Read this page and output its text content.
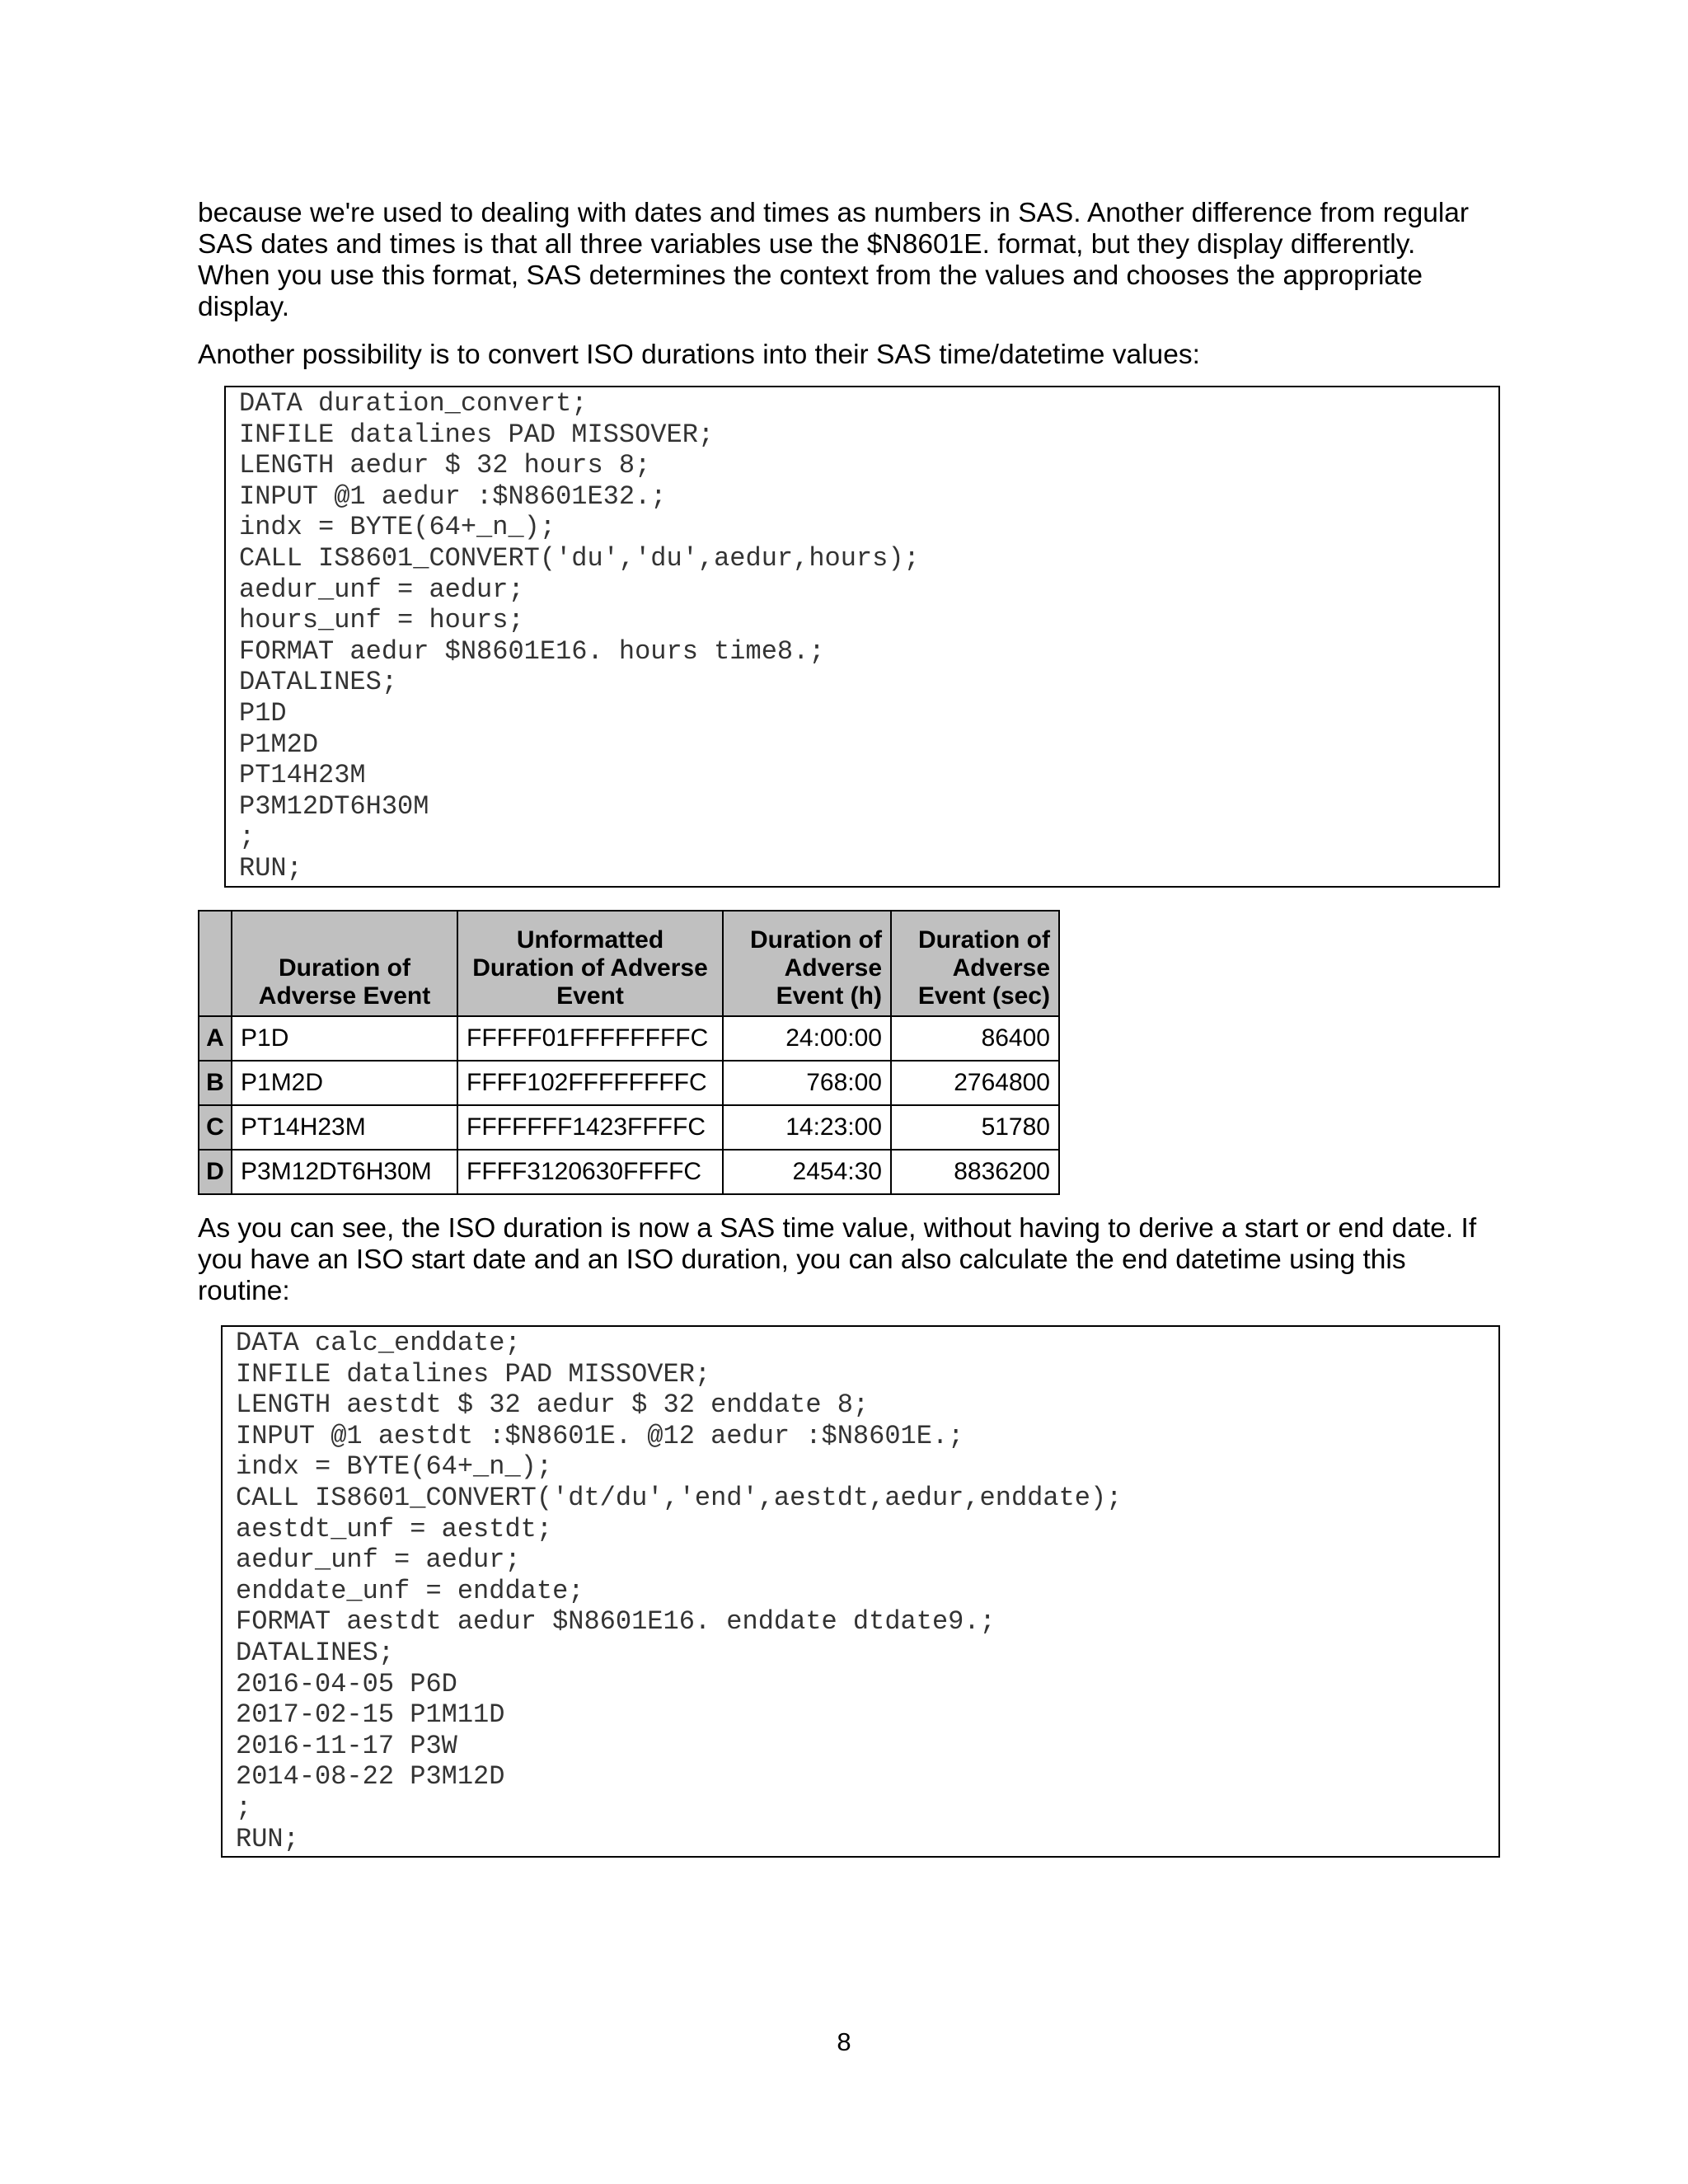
because we're used to dealing with dates and times as numbers in SAS. Another difference from regular SAS dates and times is that all three variables use the $N8601E. format, but they display differently. When you use this format, SAS determines the context from the values and chooses the appropriate display.

Another possibility is to convert ISO durations into their SAS time/datetime values:

DATA duration_convert;
INFILE datalines PAD MISSOVER;
LENGTH aedur $ 32 hours 8;
INPUT @1 aedur :$N8601E32.;
indx = BYTE(64+_n_);
CALL IS8601_CONVERT('du','du',aedur,hours);
aedur_unf = aedur;
hours_unf = hours;
FORMAT aedur $N8601E16. hours time8.;
DATALINES;
P1D
P1M2D
PT14H23M
P3M12DT6H30M
;
RUN;
	Duration of Adverse Event	Unformatted Duration of Adverse Event	Duration of Adverse Event (h)	Duration of Adverse Event (sec)
A	P1D	FFFFF01FFFFFFFFC	24:00:00	86400
B	P1M2D	FFFF102FFFFFFFFC	768:00	2764800
C	PT14H23M	FFFFFFF1423FFFFC	14:23:00	51780
D	P3M12DT6H30M	FFFF3120630FFFFC	2454:30	8836200

As you can see, the ISO duration is now a SAS time value, without having to derive a start or end date. If you have an ISO start date and an ISO duration, you can also calculate the end datetime using this routine:

DATA calc_enddate;
INFILE datalines PAD MISSOVER;
LENGTH aestdt $ 32 aedur $ 32 enddate 8;
INPUT @1 aestdt :$N8601E. @12 aedur :$N8601E.;
indx = BYTE(64+_n_);
CALL IS8601_CONVERT('dt/du','end',aestdt,aedur,enddate);
aestdt_unf = aestdt;
aedur_unf = aedur;
enddate_unf = enddate;
FORMAT aestdt aedur $N8601E16. enddate dtdate9.;
DATALINES;
2016-04-05 P6D
2017-02-15 P1M11D
2016-11-17 P3W
2014-08-22 P3M12D
;
RUN;
8
